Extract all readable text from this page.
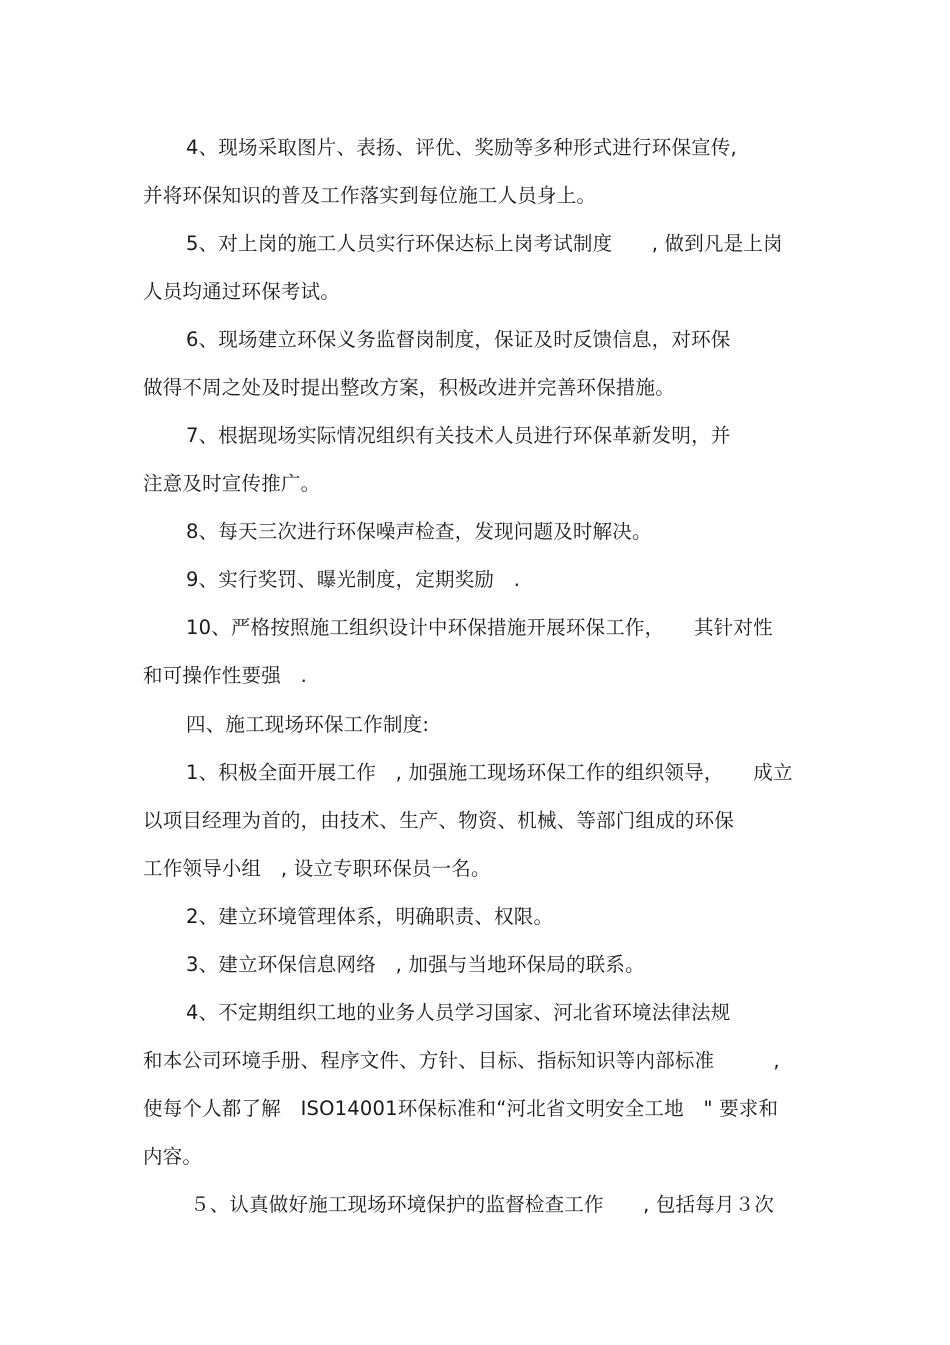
4、现场采取图片、表扬、评优、奖励等多种形式进行环保宣传,
并将环保知识的普及工作落实到每位施工人员身上。
5、对上岗的施工人员实行环保达标上岗考试制度　　, 做到凡是上岗
人员均通过环保考试。
6、现场建立环保义务监督岗制度，保证及时反馈信息，对环保
做得不周之处及时提出整改方案，积极改进并完善环保措施。
7、根据现场实际情况组织有关技术人员进行环保革新发明，并
注意及时宣传推广。
8、每天三次进行环保噪声检查，发现问题及时解决。
9、实行奖罚、曝光制度，定期奖励　.
10、严格按照施工组织设计中环保措施开展环保工作，　　其针对性
和可操作性要强　.
四、施工现场环保工作制度:
1、积极全面开展工作　, 加强施工现场环保工作的组织领导，　　成立
以项目经理为首的，由技术、生产、物资、机械、等部门组成的环保
工作领导小组　, 设立专职环保员一名。
2、建立环境管理体系，明确职责、权限。
3、建立环保信息网络　, 加强与当地环保局的联系。
4、不定期组织工地的业务人员学习国家、河北省环境法律法规
和本公司环境手册、程序文件、方针、目标、指标知识等内部标准　　　,
使每个人都了解　ISO14001环保标准和“河北省文明安全工地　" 要求和
内容。
５、认真做好施工现场环境保护的监督检查工作　　, 包括每月３次
